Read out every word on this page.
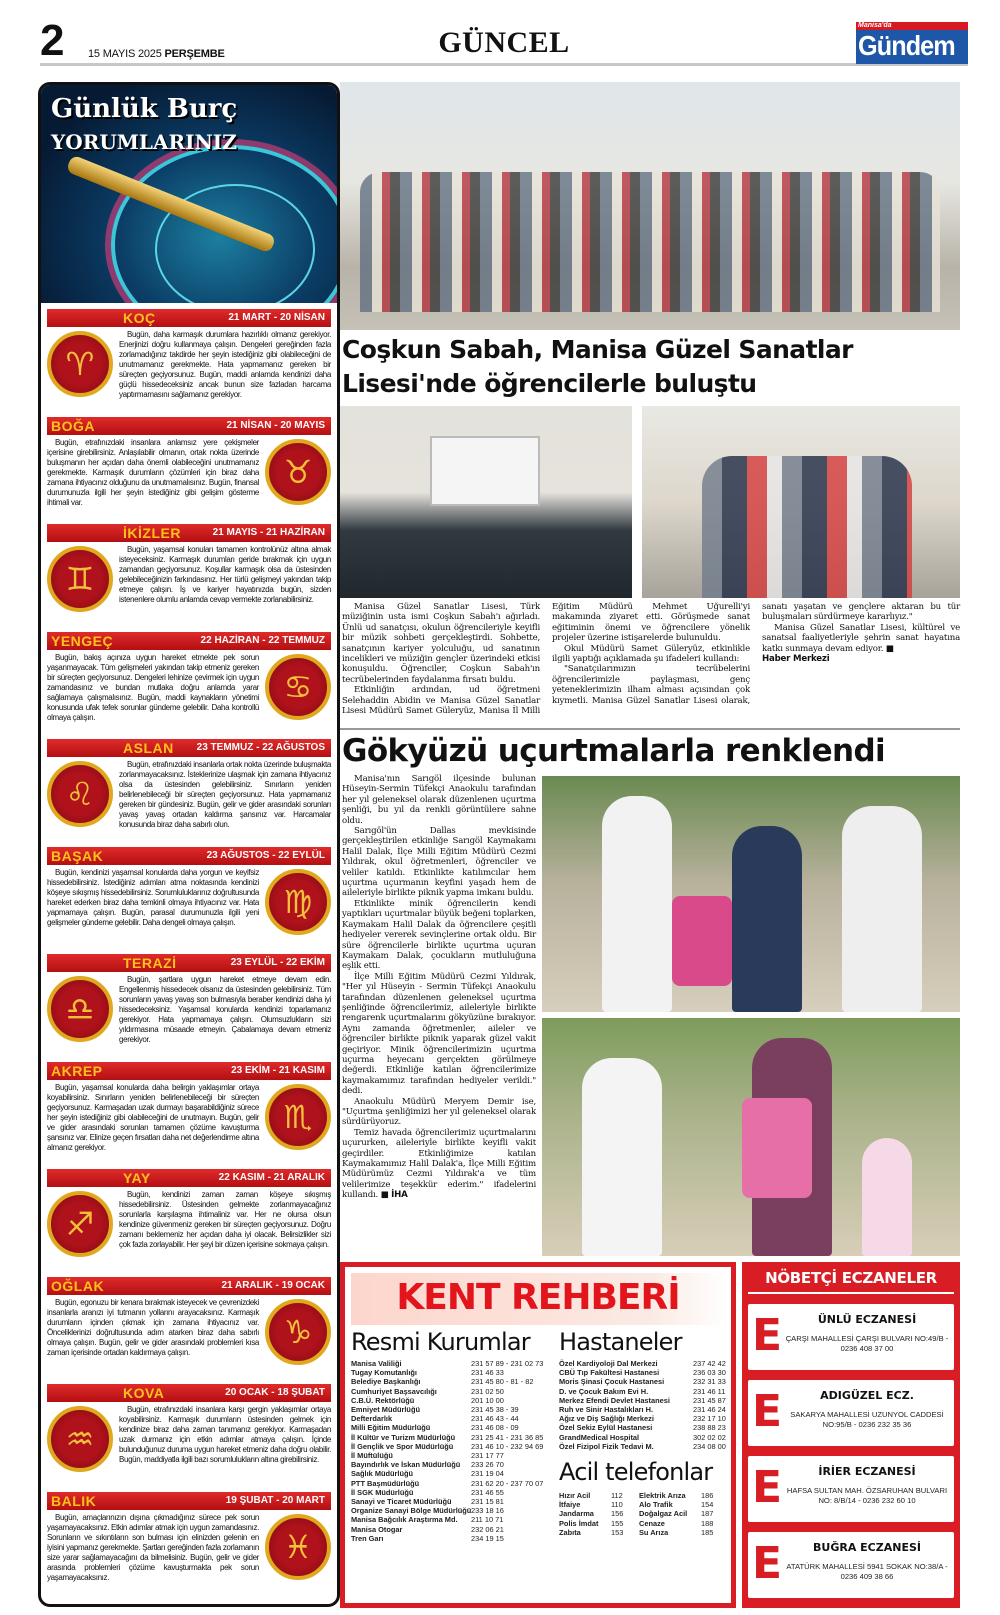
2 15 MAYIS 2025 PERŞEMBE	GÜNCEL
Manisa'da
Gündem
Günlük Burç
YORUMLARINIZ
KOÇ	21 MART - 20 NİSAN
♈
Bugün, daha karmaşık durumlara hazırlıklı olmanız gerekiyor. Enerjinizi doğru kullanmaya çalışın. Dengeleri gereğinden fazla zorlamadığınız takdirde her şeyin istediğiniz gibi olabileceğini de unutmamanız gerekmekte. Hata yapmamanız gereken bir süreçten geçiyorsunuz. Bugün, maddi anlamda kendinizi daha güçlü hissedeceksiniz ancak bunun size fazladan harcama yaptırmamasını sağlamanız gerekiyor.
BOĞA	21 NİSAN - 20 MAYIS
♉
Bugün, etrafınızdaki insanlara anlamsız yere çekişmeler içerisine girebilirsiniz. Anlaşılabilir olmanın, ortak nokta üzerinde buluşmanın her açıdan daha önemli olabileceğini unutmamanız gerekmekte. Karmaşık durumların çözümleri için biraz daha zamana ihtiyacınız olduğunu da unutmamalısınız. Bugün, finansal durumunuzla ilgili her şeyin istediğiniz gibi gelişim gösterme ihtimali var.
İKİZLER	21 MAYIS - 21 HAZİRAN
♊
Bugün, yaşamsal konuları tamamen kontrolünüz altına almak isteyeceksiniz. Karmaşık durumları geride bırakmak için uygun zamandan geçiyorsunuz. Koşullar karmaşık olsa da üstesinden gelebileceğinizin farkındasınız. Her türlü gelişmeyi yakından takip etmeye çalışın. İş ve kariyer hayatınızda bugün, sizden istenenlere olumlu anlamda cevap vermekte zorlanabilirsiniz.
YENGEÇ	22 HAZİRAN - 22 TEMMUZ
♋
Bugün, bakış açınıza uygun hareket etmekte pek sorun yaşanmayacak. Tüm gelişmeleri yakından takip etmeniz gereken bir süreçten geçiyorsunuz. Dengeleri lehinize çevirmek için uygun zamandasınız ve bundan mutlaka doğru anlamda yarar sağlamaya çalışmalısınız. Bugün, maddi kaynakların yönetimi konusunda ufak tefek sorunlar gündeme gelebilir. Daha kontrollü olmaya çalışın.
ASLAN 23 TEMMUZ - 22 AĞUSTOS
♌
Bugün, etrafınızdaki insanlarla ortak nokta üzerinde buluşmakta zorlanmayacaksınız. İsteklerinize ulaşmak için zamana ihtiyacınız olsa da üstesinden gelebilirsiniz. Sınırların yeniden belirlenebileceği bir süreçten geçiyorsunuz. Hata yapmamanız gereken bir gündesiniz. Bugün, gelir ve gider arasındaki sorunları yavaş yavaş ortadan kaldırma şansınız var. Harcamalar konusunda biraz daha sabırlı olun.
BAŞAK	23 AĞUSTOS - 22 EYLÜL
♍
Bugün, kendinizi yaşamsal konularda daha yorgun ve keyifsiz hissedebilirsiniz. İstediğiniz adımları atma noktasında kendinizi köşeye sıkışmış hissedebilirsiniz. Sorumluluklarınız doğrultusunda hareket ederken biraz daha temkinli olmaya ihtiyacınız var. Hata yapmamaya çalışın. Bugün, parasal durumunuzla ilgili yeni gelişmeler gündeme gelebilir. Daha dengeli olmaya çalışın.
TERAZİ	23 EYLÜL - 22 EKİM
♎
Bugün, şartlara uygun hareket etmeye devam edin. Engellenmiş hissedecek olsanız da üstesinden gelebilirsiniz. Tüm sorunların yavaş yavaş son bulmasıyla beraber kendinizi daha iyi hissedeceksiniz. Yaşamsal konularda kendinizi toparlamanız gerekiyor. Hata yapmamaya çalışın. Olumsuzlukların sizi yıldırmasına müsaade etmeyin. Çabalamaya devam etmeniz gerekiyor.
AKREP	23 EKİM - 21 KASIM
♏
Bugün, yaşamsal konularda daha belirgin yaklaşımlar ortaya koyabilirsiniz. Sınırların yeniden belirlenebileceği bir süreçten geçiyorsunuz. Karmaşadan uzak durmayı başarabildiğiniz sürece her şeyin istediğiniz gibi olabileceğini de unutmayın. Bugün, gelir ve gider arasındaki sorunları tamamen çözüme kavuşturma şansınız var. Elinize geçen fırsatları daha net değerlendirme altına almanız gerekiyor.
YAY	22 KASIM - 21 ARALIK
♐
Bugün, kendinizi zaman zaman köşeye sıkışmış hissedebilirsiniz. Üstesinden gelmekte zorlanmayacağınız sorunlarla karşılaşma ihtimaliniz var. Her ne olursa olsun kendinize güvenmeniz gereken bir süreçten geçiyorsunuz. Doğru zamanı beklemeniz her açıdan daha iyi olacak. Belirsizlikler sizi çok fazla zorlayabilir. Her şeyi bir düzen içerisine sokmaya çalışın.
OĞLAK	21 ARALIK - 19 OCAK
♑
Bugün, egonuzu bir kenara bırakmak isteyecek ve çevrenizdeki insanlarla aranızı iyi tutmanın yollarını arayacaksınız. Karmaşık durumların içinden çıkmak için zamana ihtiyacınız var. Önceliklerinizi doğrultusunda adım atarken biraz daha sabırlı olmaya çalışın. Bugün, gelir ve gider arasındaki problemleri kısa zaman içerisinde ortadan kaldırmaya çalışın.
KOVA	20 OCAK - 18 ŞUBAT
♒
Bugün, etrafınızdaki insanlara karşı gergin yaklaşımlar ortaya koyabilirsiniz. Karmaşık durumların üstesinden gelmek için kendinize biraz daha zaman tanımanız gerekiyor. Karmaşadan uzak durmanız için etkin adımlar atmaya çalışın. İçinde bulunduğunuz duruma uygun hareket etmeniz daha doğru olabilir. Bugün, maddiyatla ilgili bazı sorumlulukların altına girebilirsiniz.
BALIK	19 ŞUBAT - 20 MART
♓
Bugün, amaçlarınızın dışına çıkmadığınız sürece pek sorun yaşamayacaksınız. Etkin adımlar atmak için uygun zamandasınız. Sorunların ve sıkıntıların son bulması için elinizden gelenin en iyisini yapmanız gerekmekte. Şartları gereğinden fazla zorlamanın size yarar sağlamayacağını da bilmelisiniz. Bugün, gelir ve gider arasında problemleri çözüme kavuşturmakta pek sorun yaşamayacaksınız.
Coşkun Sabah, Manisa Güzel Sanatlar Lisesi'nde öğrencilerle buluştu

Manisa Güzel Sanatlar Lisesi, Türk müziğinin usta ismi Coşkun Sabah'ı ağırladı. Ünlü ud sanatçısı, okulun öğrencileriyle keyifli bir müzik sohbeti gerçekleştirdi. Sohbette, sanatçının kariyer yolculuğu, ud sanatının incelikleri ve müziğin gençler üzerindeki etkisi konuşuldu. Öğrenciler, Coşkun Sabah'ın tecrübelerinden faydalanma fırsatı buldu.

Etkinliğin ardından, ud öğretmeni Selehaddin Abidin ve Manisa Güzel Sanatlar Lisesi Müdürü Samet Güleryüz, Manisa İl Milli Eğitim Müdürü Mehmet Uğurelli'yi makamında ziyaret etti. Görüşmede sanat eğitiminin önemi ve öğrencilere yönelik projeler üzerine istişarelerde bulunuldu.

Okul Müdürü Samet Güleryüz, etkinlikle ilgili yaptığı açıklamada şu ifadeleri kullandı:

"Sanatçılarımızın tecrübelerini öğrencilerimizle paylaşması, genç yeteneklerimizin ilham alması açısından çok kıymetli. Manisa Güzel Sanatlar Lisesi olarak, sanatı yaşatan ve gençlere aktaran bu tür buluşmaları sürdürmeye kararlıyız."

Manisa Güzel Sanatlar Lisesi, kültürel ve sanatsal faaliyetleriyle şehrin sanat hayatına katkı sunmaya devam ediyor. ■

Haber Merkezi
Gökyüzü uçurtmalarla renklendi

Manisa'nın Sarıgöl ilçesinde bulunan Hüseyin-Sermin Tüfekçi Anaokulu tarafından her yıl geleneksel olarak düzenlenen uçurtma şenliği, bu yıl da renkli görüntülere sahne oldu.

Sarıgöl'ün Dallas mevkisinde gerçekleştirilen etkinliğe Sarıgöl Kaymakamı Halil Dalak, İlçe Milli Eğitim Müdürü Cezmi Yıldırak, okul öğretmenleri, öğrenciler ve veliler katıldı. Etkinlikte katılımcılar hem uçurtma uçurmanın keyfini yaşadı hem de aileleriyle birlikte piknik yapma imkanı buldu.

Etkinlikte minik öğrencilerin kendi yaptıkları uçurtmalar büyük beğeni toplarken, Kaymakam Halil Dalak da öğrencilere çeşitli hediyeler vererek sevinçlerine ortak oldu. Bir süre öğrencilerle birlikte uçurtma uçuran Kaymakam Dalak, çocukların mutluluğuna eşlik etti.

İlçe Milli Eğitim Müdürü Cezmi Yıldırak, "Her yıl Hüseyin - Sermin Tüfekçi Anaokulu tarafından düzenlenen geleneksel uçurtma şenliğinde öğrencilerimiz, aileleriyle birlikte rengarenk uçurtmalarını gökyüzüne bırakıyor. Aynı zamanda öğretmenler, aileler ve öğrenciler birlikte piknik yaparak güzel vakit geçiriyor. Minik öğrencilerimizin uçurtma uçurma heyecanı gerçekten görülmeye değerdi. Etkinliğe katılan öğrencilerimize kaymakamımız tarafından hediyeler verildi." dedi.

Anaokulu Müdürü Meryem Demir ise, "Uçurtma şenliğimizi her yıl geleneksel olarak sürdürüyoruz.

Temiz havada öğrencilerimiz uçurtmalarını uçururken, aileleriyle birlikte keyifli vakit geçirdiler. Etkinliğimize katılan Kaymakamımız Halil Dalak'a, İlçe Milli Eğitim Müdürümüz Cezmi Yıldırak'a ve tüm velilerimize teşekkür ederim." ifadelerini kullandı. ■ İHA

KENT REHBERİ
Resmi Kurumlar Hastaneler
Manisa Valiliği	231 57 89 - 231 02 73
Tugay Komutanlığı	231 46 33
Belediye Başkanlığı	231 45 80 - 81 - 82
Cumhuriyet Başsavcılığı	231 02 50
C.B.Ü. Rektörlüğü	201 10 00
Emniyet Müdürlüğü	231 45 38 - 39
Defterdarlık	231 46 43 - 44
Milli Eğitim Müdürlüğü	231 46 08 - 09
İl Kültür ve Turizm Müdürlüğü	231 25 41 - 231 36 85
İl Gençlik ve Spor Müdürlüğü	231 46 10 - 232 94 69
İl Müftülüğü	231 17 77
Bayındırlık ve İskan Müdürlüğü	233 26 70
Sağlık Müdürlüğü	231 19 04
PTT Başmüdürlüğü	231 62 20 - 237 70 07
İl SGK Müdürlüğü	231 46 55
Sanayi ve Ticaret Müdürlüğü	231 15 81
Organize Sanayi Bölge Müdürlüğü 233 18 16
Manisa Bağcılık Araştırma Md.	211 10 71
Manisa Otogar	232 06 21
Tren Garı	234 19 15
Özel Kardiyoloji Dal Merkezi	237 42 42
CBÜ Tıp Fakültesi Hastanesi	236 03 30
Moris Şinasi Çocuk Hastanesi	232 31 33
D. ve Çocuk Bakım Evi H.	231 46 11
Merkez Efendi Devlet Hastanesi	231 45 87
Ruh ve Sinir Hastalıkları H.	231 46 24
Ağız ve Diş Sağlığı Merkezi	232 17 10
Özel Sekiz Eylül Hastanesi	238 88 23
GrandMedical Hospital	302 02 02
Özel Fizipol Fizik Tedavi M.	234 08 00
Acil telefonlar
Hızır Acil	112	Elektrik Arıza	186
İtfaiye	110	Alo Trafik	154
Jandarma	156	Doğalgaz Acil	187
Polis İmdat	155	Cenaze	188
Zabıta	153	Su Arıza	185
NÖBETÇİ ECZANELER
E	ÜNLÜ ECZANESİ
ÇARŞI MAHALLESİ ÇARŞI BULVARI NO:49/B - 0236 408 37 00
E	ADIGÜZEL ECZ.
SAKARYA MAHALLESİ UZUNYOL CADDESİ NO:95/B - 0236 232 35 36
E	İRİER ECZANESİ
HAFSA SULTAN MAH. ÖZSARUHAN BULVARI NO: 8/B/14 - 0236 232 60 10
E	BUĞRA ECZANESİ
ATATÜRK MAHALLESİ 5941 SOKAK NO:38/A - 0236 409 38 66
